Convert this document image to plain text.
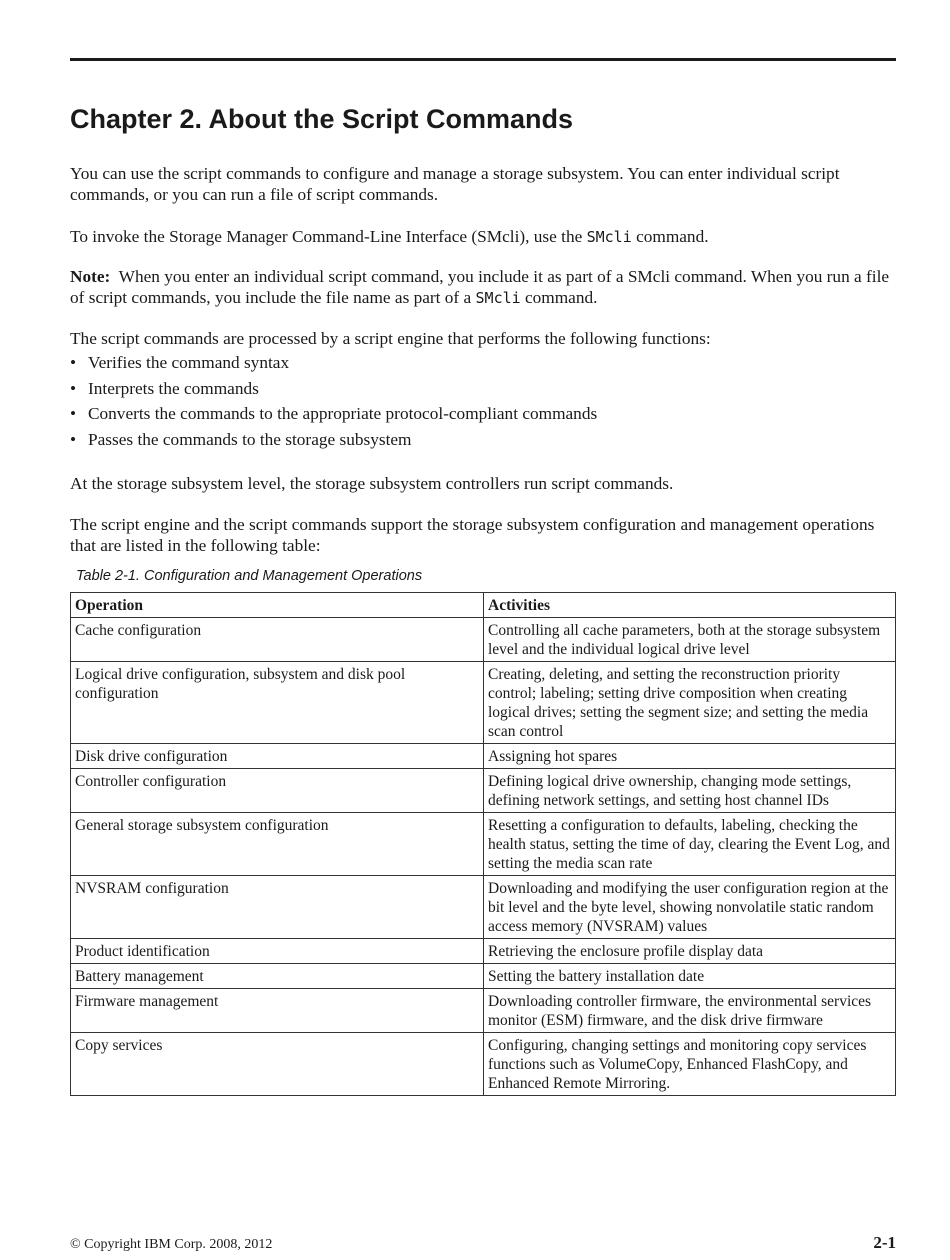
Chapter 2. About the Script Commands

You can use the script commands to configure and manage a storage subsystem. You can enter individual script commands, or you can run a file of script commands.

To invoke the Storage Manager Command-Line Interface (SMcli), use the SMcli command.

Note:  When you enter an individual script command, you include it as part of a SMcli command. When you run a file of script commands, you include the file name as part of a SMcli command.

The script commands are processed by a script engine that performs the following functions:

• Verifies the command syntax
• Interprets the commands
• Converts the commands to the appropriate protocol-compliant commands
• Passes the commands to the storage subsystem

At the storage subsystem level, the storage subsystem controllers run script commands.

The script engine and the script commands support the storage subsystem configuration and management operations that are listed in the following table:

Table 2-1. Configuration and Management Operations

Operation	Activities
Cache configuration	Controlling all cache parameters, both at the storage subsystem level and the individual logical drive level
Logical drive configuration, subsystem and disk pool configuration	Creating, deleting, and setting the reconstruction priority control; labeling; setting drive composition when creating logical drives; setting the segment size; and setting the media scan control
Disk drive configuration	Assigning hot spares
Controller configuration	Defining logical drive ownership, changing mode settings, defining network settings, and setting host channel IDs
General storage subsystem configuration	Resetting a configuration to defaults, labeling, checking the health status, setting the time of day, clearing the Event Log, and setting the media scan rate
NVSRAM configuration	Downloading and modifying the user configuration region at the bit level and the byte level, showing nonvolatile static random access memory (NVSRAM) values
Product identification	Retrieving the enclosure profile display data
Battery management	Setting the battery installation date
Firmware management	Downloading controller firmware, the environmental services monitor (ESM) firmware, and the disk drive firmware
Copy services	Configuring, changing settings and monitoring copy services functions such as VolumeCopy, Enhanced FlashCopy, and Enhanced Remote Mirroring.
© Copyright IBM Corp. 2008, 2012	2-1
